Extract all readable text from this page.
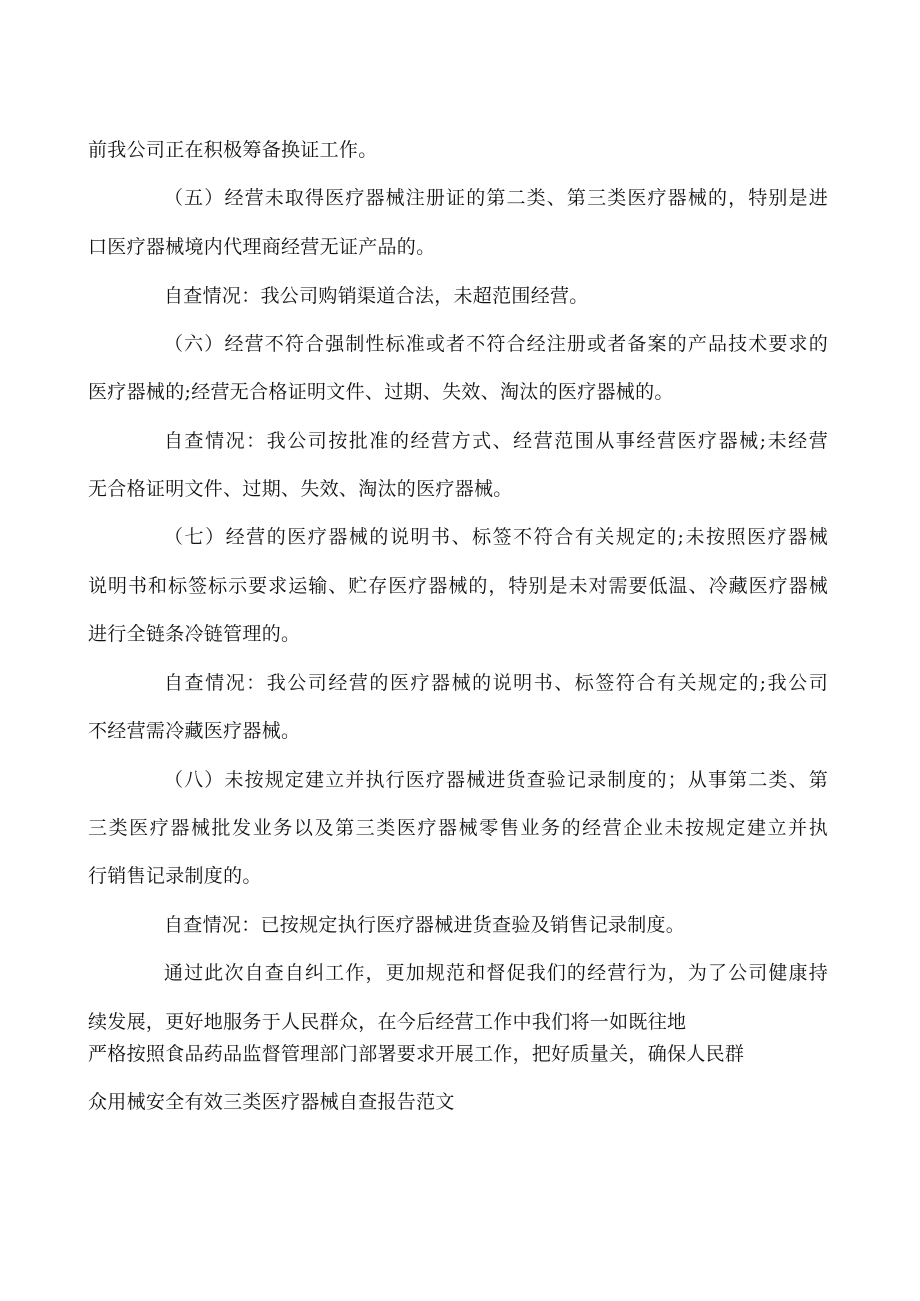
前我公司正在积极筹备换证工作。
（五）经营未取得医疗器械注册证的第二类、第三类医疗器械的，特别是进
口医疗器械境内代理商经营无证产品的。
自查情况：我公司购销渠道合法，未超范围经营。
（六）经营不符合强制性标准或者不符合经注册或者备案的产品技术要求的
医疗器械的;经营无合格证明文件、过期、失效、淘汰的医疗器械的。
自查情况：我公司按批准的经营方式、经营范围从事经营医疗器械;未经营
无合格证明文件、过期、失效、淘汰的医疗器械。
（七）经营的医疗器械的说明书、标签不符合有关规定的;未按照医疗器械
说明书和标签标示要求运输、贮存医疗器械的，特别是未对需要低温、冷藏医疗器械
进行全链条冷链管理的。
自查情况：我公司经营的医疗器械的说明书、标签符合有关规定的;我公司
不经营需冷藏医疗器械。
（八）未按规定建立并执行医疗器械进货查验记录制度的；从事第二类、第
三类医疗器械批发业务以及第三类医疗器械零售业务的经营企业未按规定建立并执
行销售记录制度的。
自查情况：已按规定执行医疗器械进货查验及销售记录制度。
通过此次自查自纠工作，更加规范和督促我们的经营行为，为了公司健康持
续发展，更好地服务于人民群众，在今后经营工作中我们将一如既往地
严格按照食品药品监督管理部门部署要求开展工作，把好质量关，确保人民群
众用械安全有效三类医疗器械自查报告范文
